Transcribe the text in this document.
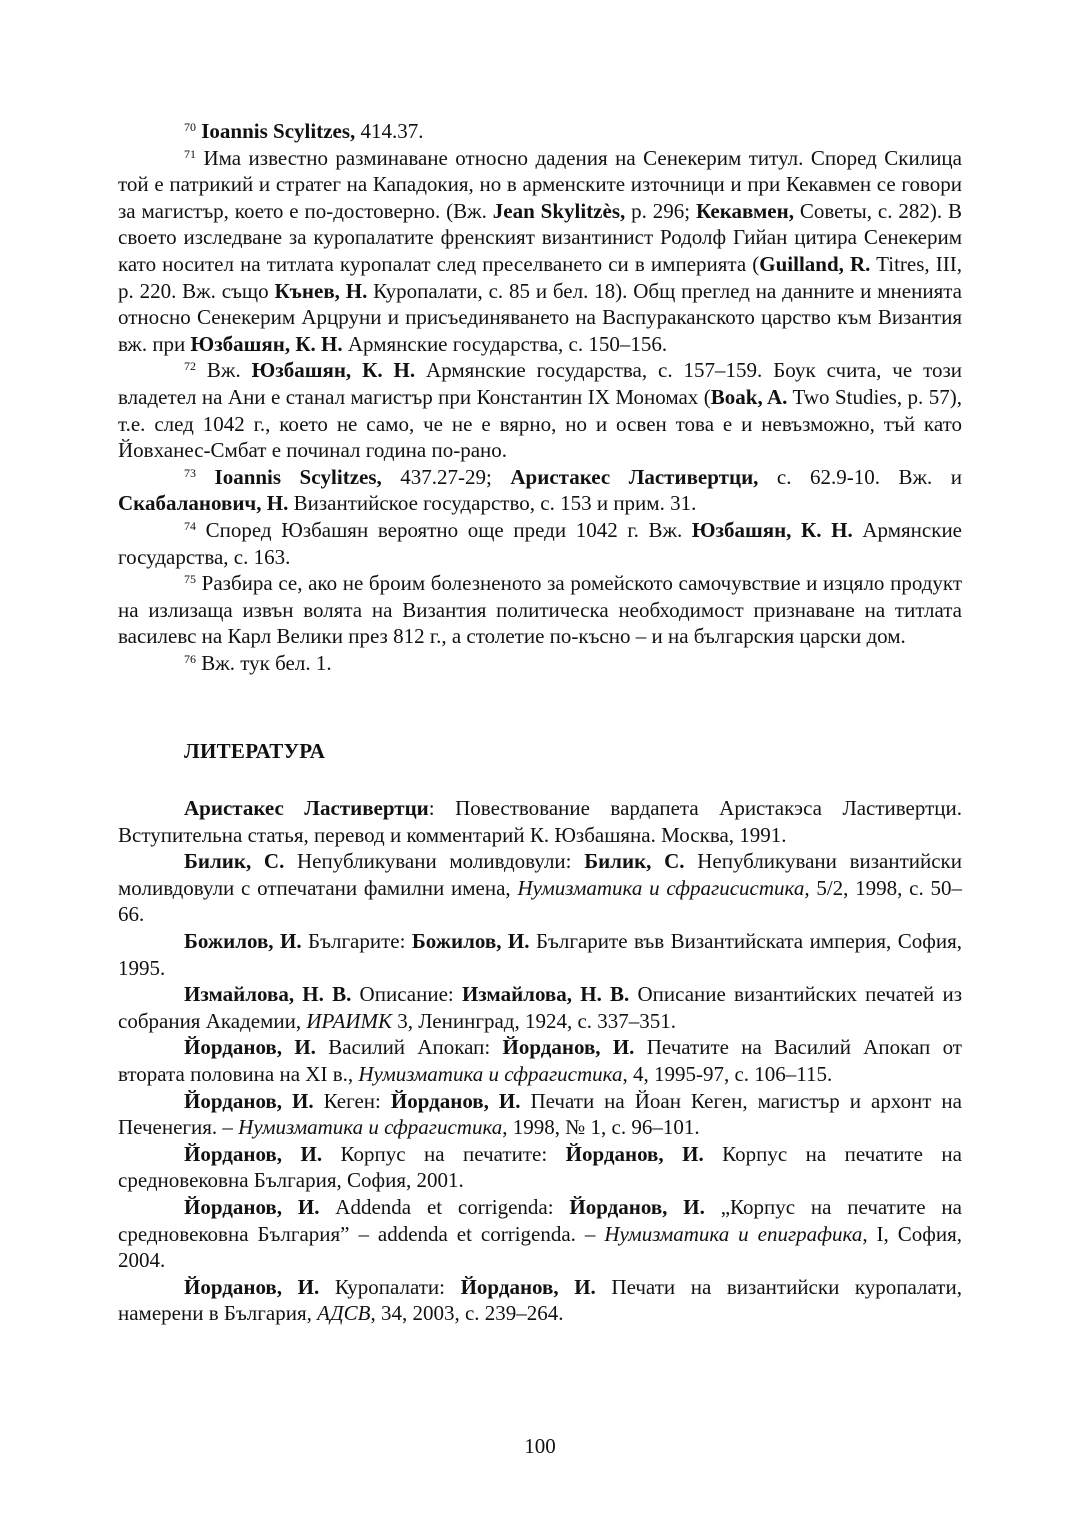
$^{70}$ Ioannis Scylitzes, 414.37.

$^{71}$ Има известно разминаване относно дадения на Сенекерим титул. Според Скилица той е патрикий и стратег на Кападокия, но в арменските източници и при Кекавмен се говори за магистър, което е по-достоверно. (Вж. Jean Skylitzès, p. 296; Кекавмен, Советы, с. 282). В своето изследване за куропалатите френският византинист Родолф Гийан цитира Сенекерим като носител на титлата куропалат след преселването си в империята (Guilland, R. Titres, III, p. 220. Вж. също Кънев, Н. Куропалати, с. 85 и бел. 18). Общ преглед на данните и мненията относно Сенекерим Арцруни и присъединяването на Васпураканското царство към Византия вж. при Юзбашян, К. Н. Армянские государства, с. 150–156.

$^{72}$ Вж. Юзбашян, К. Н. Армянские государства, с. 157–159. Боук счита, че този владетел на Ани е станал магистър при Константин IX Мономах (Boak, A. Two Studies, p. 57), т.е. след 1042 г., което не само, че не е вярно, но и освен това е и невъзможно, тъй като Йовханес-Смбат е починал година по-рано.

$^{73}$ Ioannis Scylitzes, 437.27-29; Аристакес Ластивертци, с. 62.9-10. Вж. и Скабаланович, Н. Византийское государство, с. 153 и прим. 31.

$^{74}$ Според Юзбашян вероятно още преди 1042 г. Вж. Юзбашян, К. Н. Армянские государства, с. 163.

$^{75}$ Разбира се, ако не броим болезненото за ромейското самочувствие и изцяло продукт на излизаща извън волята на Византия политическа необходимост признаване на титлата василевс на Карл Велики през 812 г., а столетие по-късно – и на българския царски дом.

$^{76}$ Вж. тук бел. 1.

ЛИТЕРАТУРА

Аристакес Ластивертци: Повествование вардапета Аристакэса Ластивертци. Вступительна статья, перевод и комментарий К. Юзбашяна. Москва, 1991.

Билик, С. Непубликувани моливдовули: Билик, С. Непубликувани византийски моливдовули с отпечатани фамилни имена, Нумизматика и сфрагисистика, 5/2, 1998, с. 50–66.

Божилов, И. Българите: Божилов, И. Българите във Византийската империя, София, 1995.

Измайлова, Н. В. Описание: Измайлова, Н. В. Описание византийских печатей из собрания Академии, ИРАИМК 3, Ленинград, 1924, с. 337–351.

Йорданов, И. Василий Апокап: Йорданов, И. Печатите на Василий Апокап от втората половина на XI в., Нумизматика и сфрагистика, 4, 1995-97, с. 106–115.

Йорданов, И. Кеген: Йорданов, И. Печати на Йоан Кеген, магистър и архонт на Печенегия. – Нумизматика и сфрагистика, 1998, № 1, с. 96–101.

Йорданов, И. Корпус на печатите: Йорданов, И. Корпус на печатите на средновековна България, София, 2001.

Йорданов, И. Addenda et corrigenda: Йорданов, И. „Корпус на печатите на средновековна България” – addenda et corrigenda. – Нумизматика и епиграфика, I, София, 2004.

Йорданов, И. Куропалати: Йорданов, И. Печати на византийски куропалати, намерени в България, АДСВ, 34, 2003, с. 239–264.

100
